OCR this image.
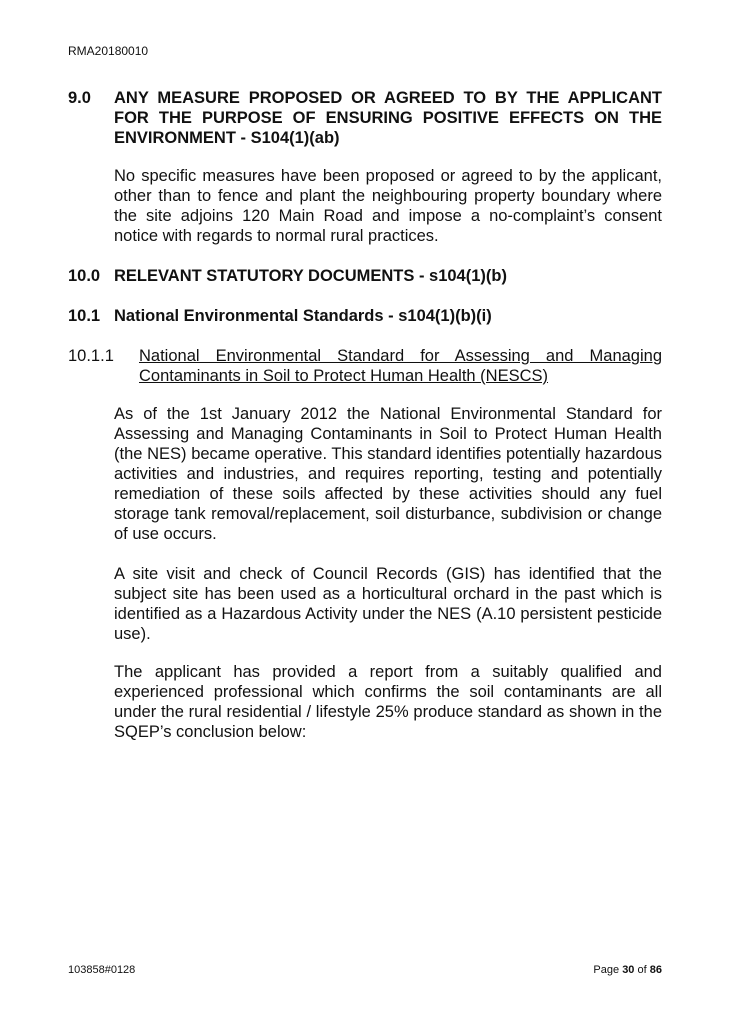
RMA20180010
9.0 ANY MEASURE PROPOSED OR AGREED TO BY THE APPLICANT FOR THE PURPOSE OF ENSURING POSITIVE EFFECTS ON THE ENVIRONMENT - S104(1)(ab)
No specific measures have been proposed or agreed to by the applicant, other than to fence and plant the neighbouring property boundary where the site adjoins 120 Main Road and impose a no-complaint’s consent notice with regards to normal rural practices.
10.0 RELEVANT STATUTORY DOCUMENTS - s104(1)(b)
10.1 National Environmental Standards - s104(1)(b)(i)
10.1.1 National Environmental Standard for Assessing and Managing Contaminants in Soil to Protect Human Health (NESCS)
As of the 1st January 2012 the National Environmental Standard for Assessing and Managing Contaminants in Soil to Protect Human Health (the NES) became operative. This standard identifies potentially hazardous activities and industries, and requires reporting, testing and potentially remediation of these soils affected by these activities should any fuel storage tank removal/replacement, soil disturbance, subdivision or change of use occurs.
A site visit and check of Council Records (GIS) has identified that the subject site has been used as a horticultural orchard in the past which is identified as a Hazardous Activity under the NES (A.10 persistent pesticide use).
The applicant has provided a report from a suitably qualified and experienced professional which confirms the soil contaminants are all under the rural residential / lifestyle 25% produce standard as shown in the SQEP’s conclusion below:
103858#0128	Page 30 of 86
